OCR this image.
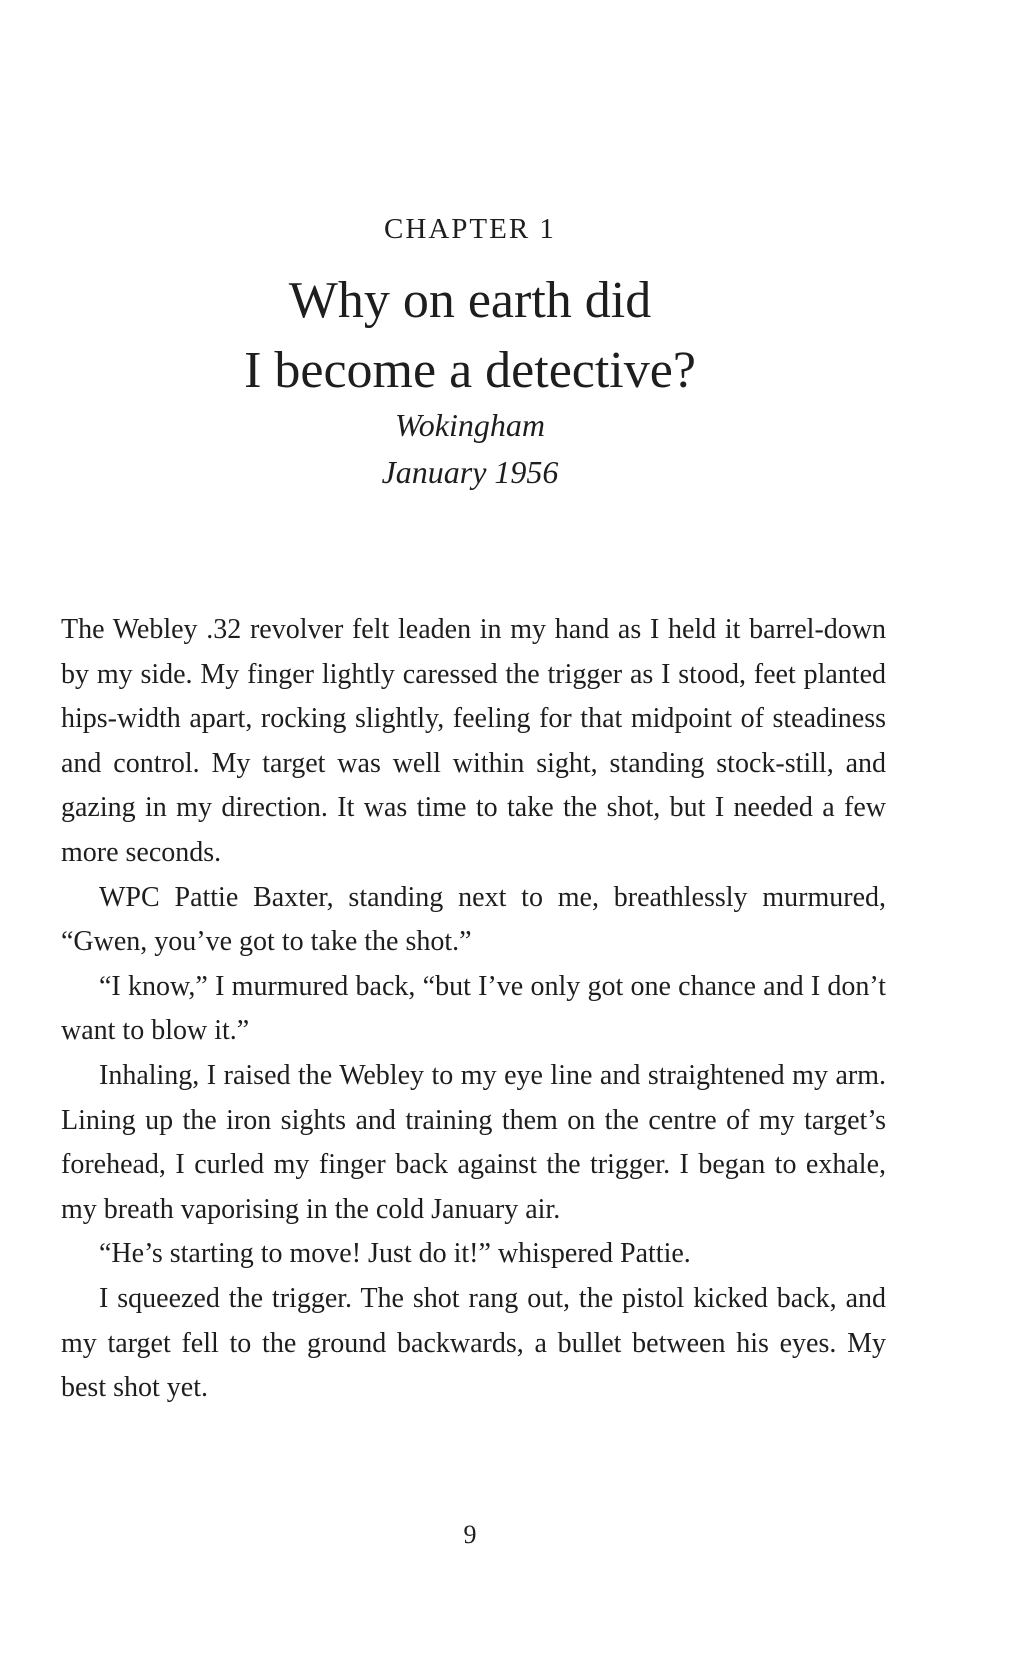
CHAPTER 1
Why on earth did
I become a detective?
Wokingham
January 1956

The Webley .32 revolver felt leaden in my hand as I held it barrel-down by my side. My finger lightly caressed the trigger as I stood, feet planted hips-width apart, rocking slightly, feeling for that midpoint of steadiness and control. My target was well within sight, standing stock-still, and gazing in my direction. It was time to take the shot, but I needed a few more seconds.

WPC Pattie Baxter, standing next to me, breathlessly murmured, “Gwen, you’ve got to take the shot.”

“I know,” I murmured back, “but I’ve only got one chance and I don’t want to blow it.”

Inhaling, I raised the Webley to my eye line and straightened my arm. Lining up the iron sights and training them on the centre of my target’s forehead, I curled my finger back against the trigger. I began to exhale, my breath vaporising in the cold January air.

“He’s starting to move! Just do it!” whispered Pattie.

I squeezed the trigger. The shot rang out, the pistol kicked back, and my target fell to the ground backwards, a bullet between his eyes. My best shot yet.

9
